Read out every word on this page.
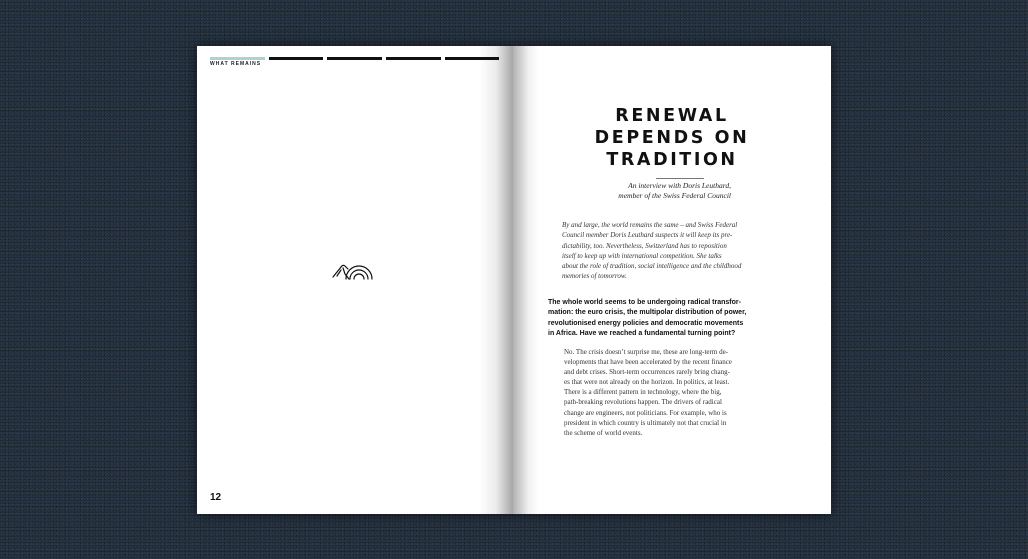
WHAT REMAINS
12
RENEWAL
DEPENDS ON
TRADITION
An interview with Doris Leuthard,
member of the Swiss Federal Council
By and large, the world remains the same – and Swiss Federal
Council member Doris Leuthard suspects it will keep its pre-
dictability, too. Nevertheless, Switzerland has to reposition
itself to keep up with international competition. She talks
about the role of tradition, social intelligence and the childhood
memories of tomorrow.
The whole world seems to be undergoing radical transfor-
mation: the euro crisis, the multipolar distribution of power,
revolutionised energy policies and democratic movements
in Africa. Have we reached a fundamental turning point?
No. The crisis doesn’t surprise me, these are long-term de-
velopments that have been accelerated by the recent finance
and debt crises. Short-term occurrences rarely bring chang-
es that were not already on the horizon. In politics, at least.
There is a different pattern in technology, where the big,
path-breaking revolutions happen. The drivers of radical
change are engineers, not politicians. For example, who is
president in which country is ultimately not that crucial in
the scheme of world events.
